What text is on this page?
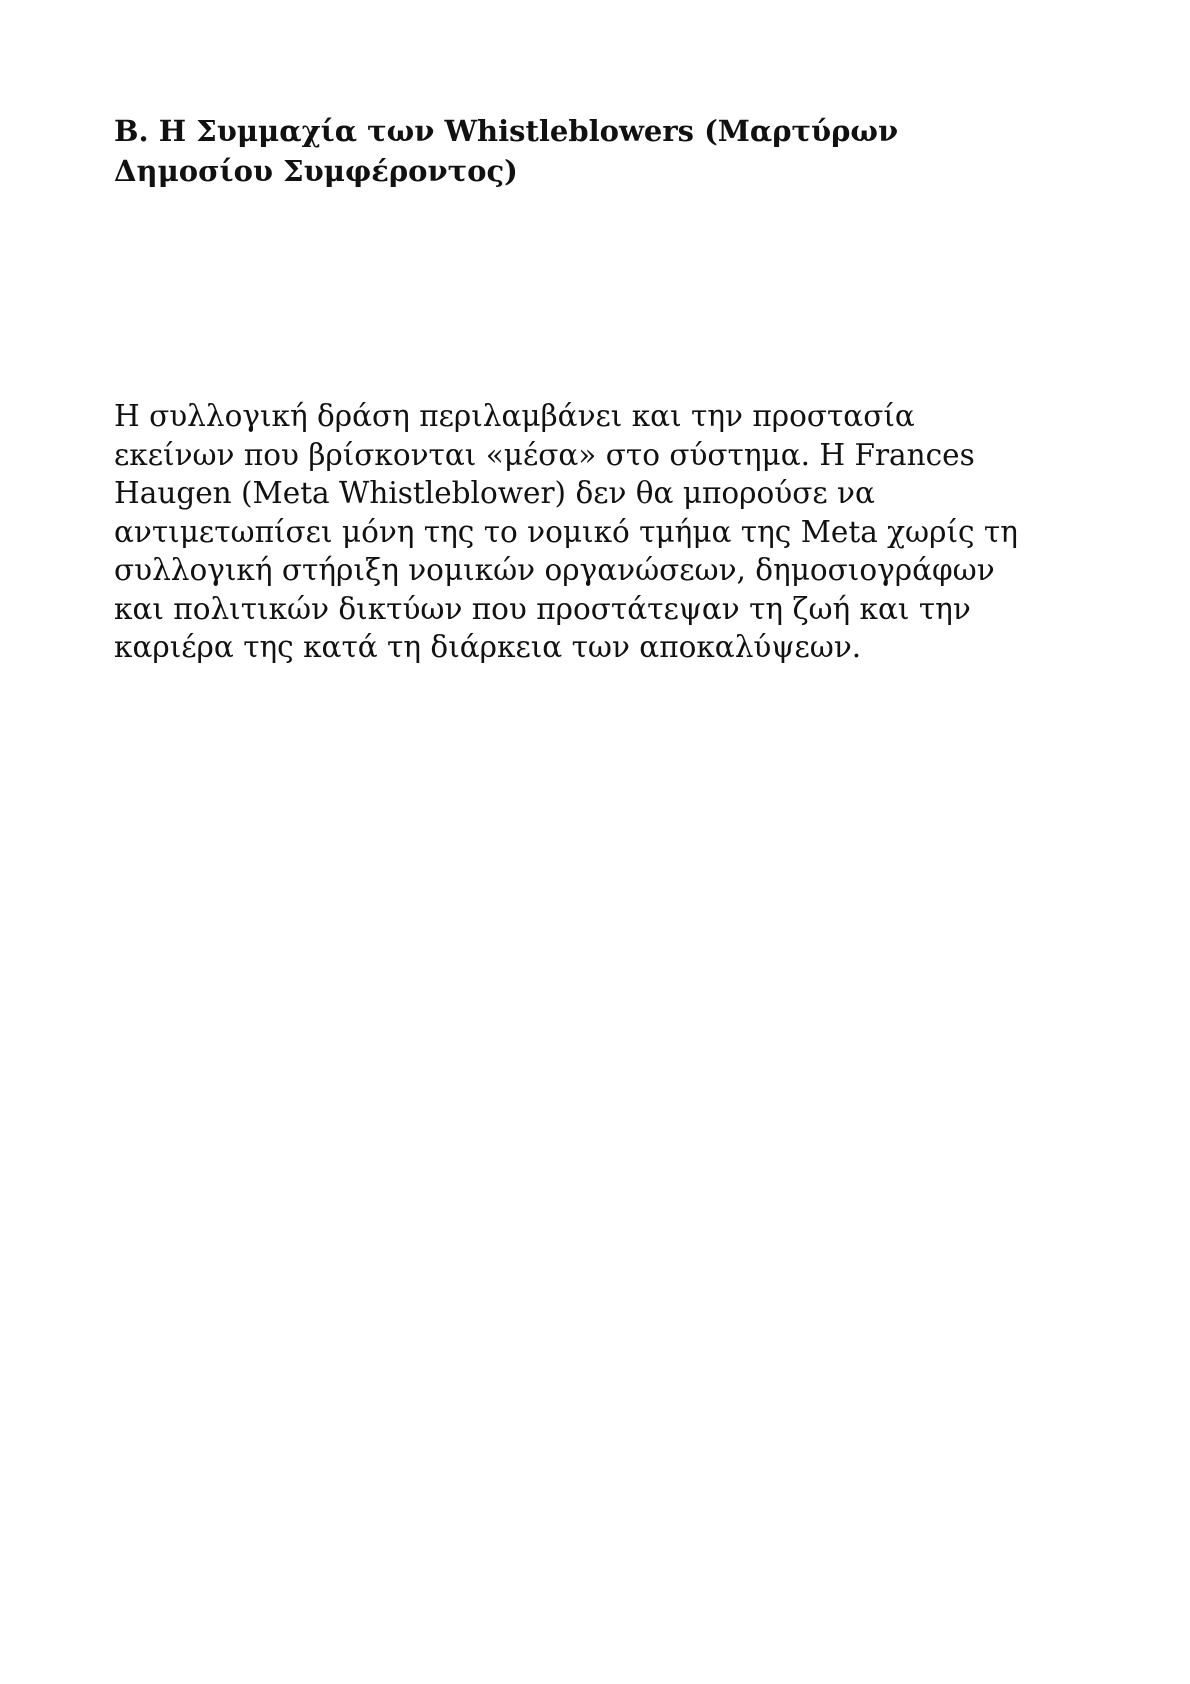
B. Η Συμμαχία των Whistleblowers (Μαρτύρων
Δημοσίου Συμφέροντος)

Η συλλογική δράση περιλαμβάνει και την προστασία
εκείνων που βρίσκονται «μέσα» στο σύστημα. Η Frances
Haugen (Meta Whistleblower) δεν θα μπορούσε να
αντιμετωπίσει μόνη της το νομικό τμήμα της Meta χωρίς τη
συλλογική στήριξη νομικών οργανώσεων, δημοσιογράφων
και πολιτικών δικτύων που προστάτεψαν τη ζωή και την
καριέρα της κατά τη διάρκεια των αποκαλύψεων.
